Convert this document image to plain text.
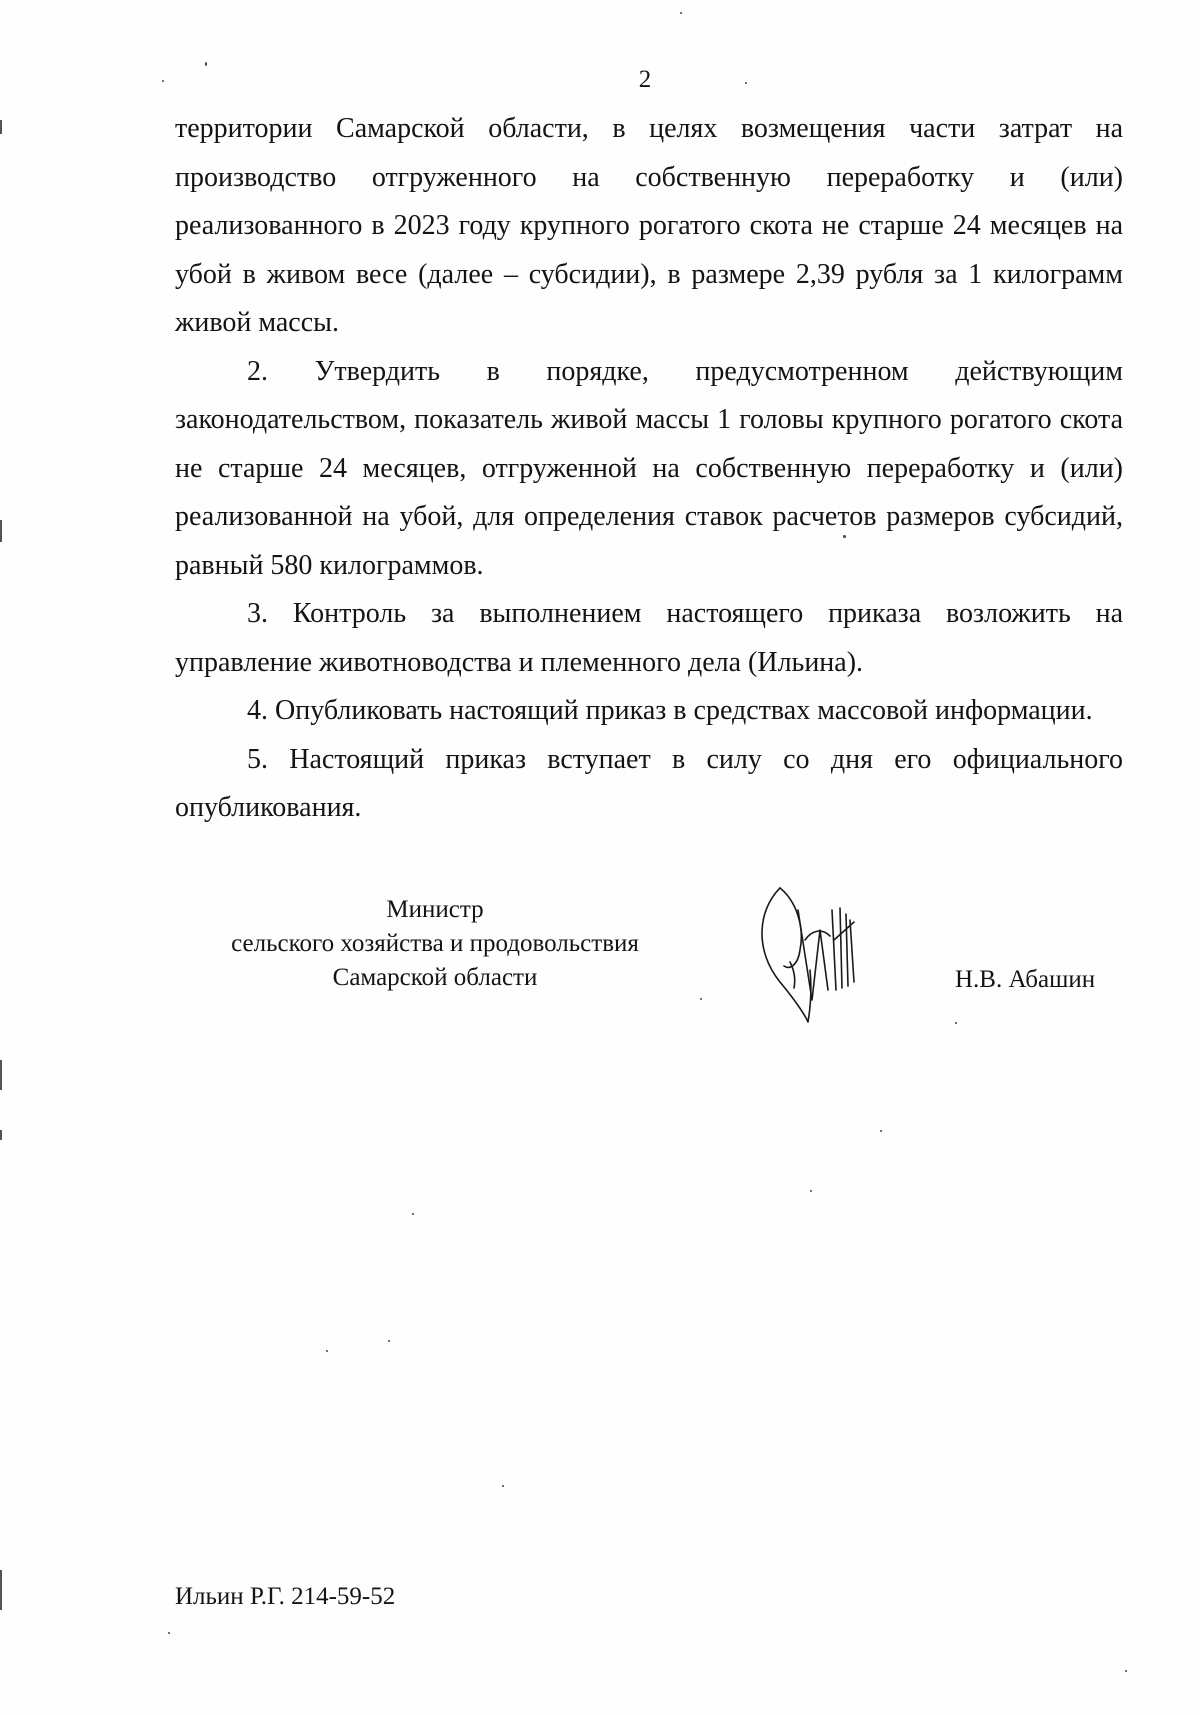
2

территории Самарской области, в целях возмещения части затрат на производство отгруженного на собственную переработку и (или) реализованного в 2023 году крупного рогатого скота не старше 24 месяцев на убой в живом весе (далее – субсидии), в размере 2,39 рубля за 1 килограмм живой массы.

2. Утвердить в порядке, предусмотренном действующим законодательством, показатель живой массы 1 головы крупного рогатого скота не старше 24 месяцев, отгруженной на собственную переработку и (или) реализованной на убой, для определения ставок расчетов размеров субсидий, равный 580 килограммов.

3. Контроль за выполнением настоящего приказа возложить на управление животноводства и племенного дела (Ильина).

4. Опубликовать настоящий приказ в средствах массовой информации.

5. Настоящий приказ вступает в силу со дня его официального опубликования.

Министр
сельского хозяйства и продовольствия
Самарской области	Н.В. Абашин
Ильин Р.Г. 214-59-52
